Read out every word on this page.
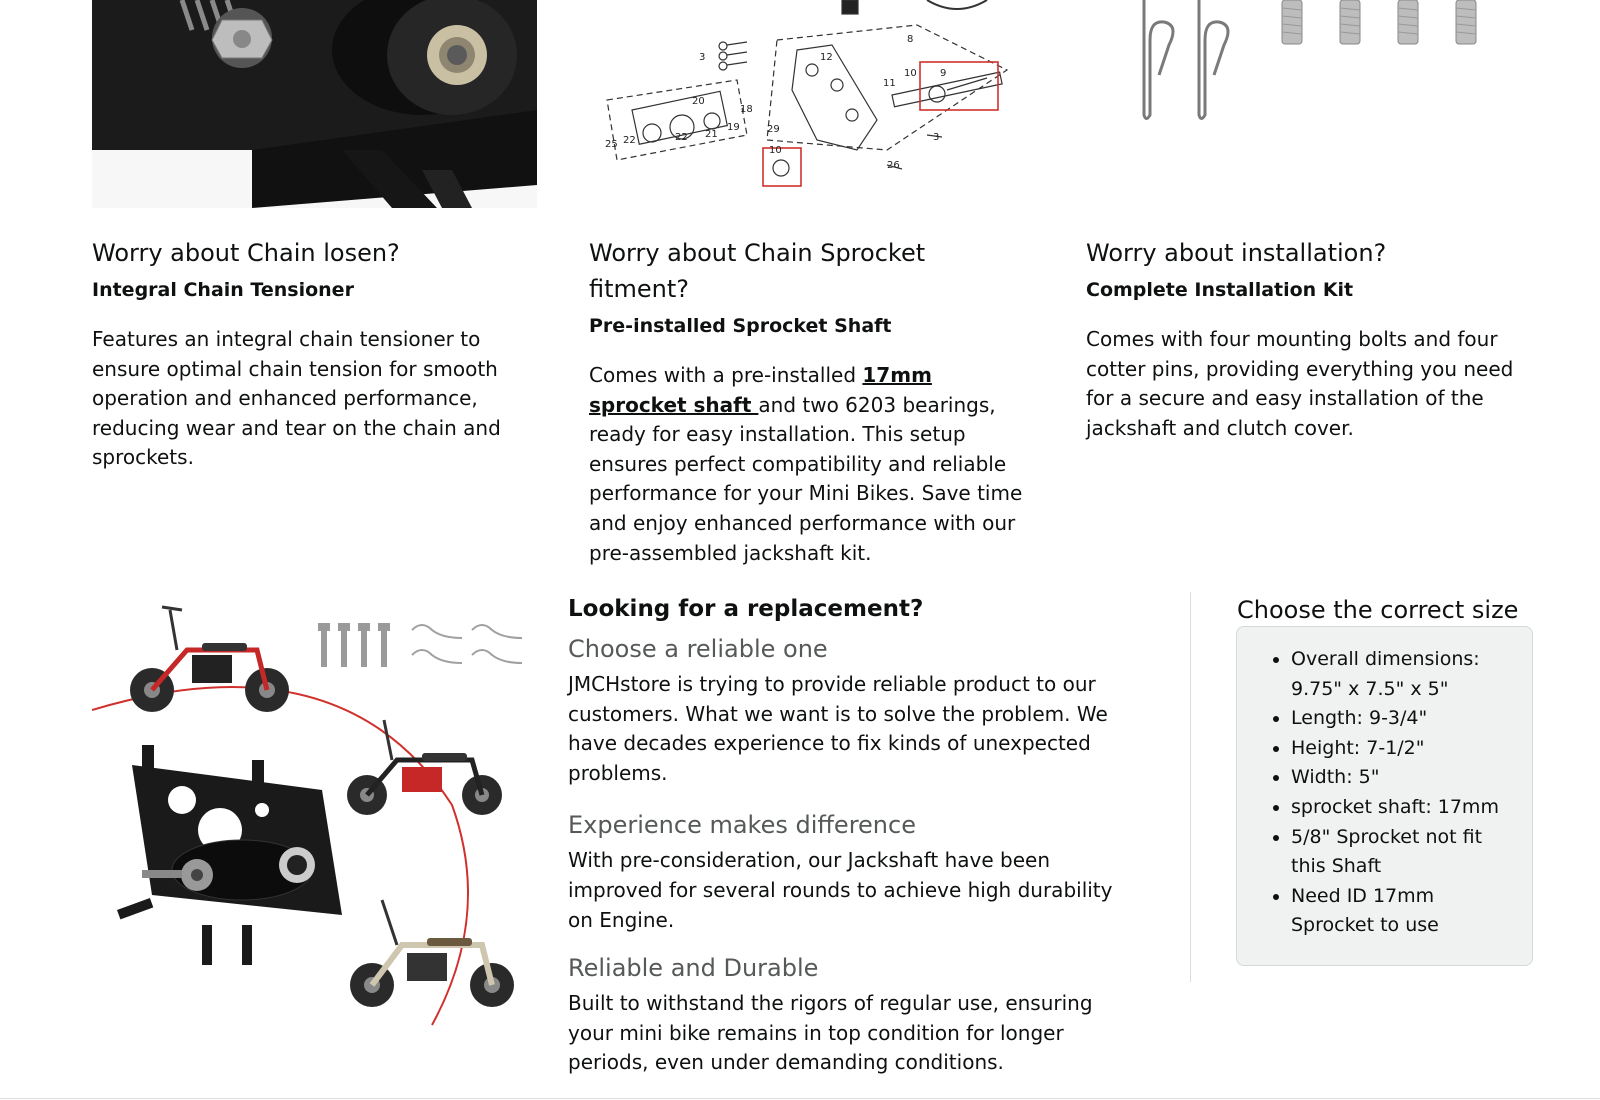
3
8
12
11
10 9
20
18
25 22	22 21
19	29
10
3
26
Worry about Chain losen?
Integral Chain Tensioner

Features an integral chain tensioner to ensure optimal chain tension for smooth operation and enhanced performance, reducing wear and tear on the chain and sprockets.

Worry about Chain Sprocket fitment?
Pre-installed Sprocket Shaft

Comes with a pre-installed 17mm sprocket shaft and two 6203 bearings, ready for easy installation. This setup ensures perfect compatibility and reliable performance for your Mini Bikes. Save time and enjoy enhanced performance with our pre-assembled jackshaft kit.

Worry about installation?
Complete Installation Kit

Comes with four mounting bolts and four cotter pins, providing everything you need for a secure and easy installation of the jackshaft and clutch cover.

Looking for a replacement?
Choose a reliable one

JMCHstore is trying to provide reliable product to our customers. What we want is to solve the problem. We have decades experience to fix kinds of unexpected problems.

Experience makes difference

With pre-consideration, our Jackshaft have been improved for several rounds to achieve high durability on Engine.

Reliable and Durable

Built to withstand the rigors of regular use, ensuring your mini bike remains in top condition for longer periods, even under demanding conditions.

Choose the correct size
• Overall dimensions: 9.75" x 7.5" x 5"
• Length: 9-3/4"
• Height: 7-1/2"
• Width: 5"
• sprocket shaft: 17mm
• 5/8" Sprocket not fit this Shaft
• Need ID 17mm Sprocket to use
